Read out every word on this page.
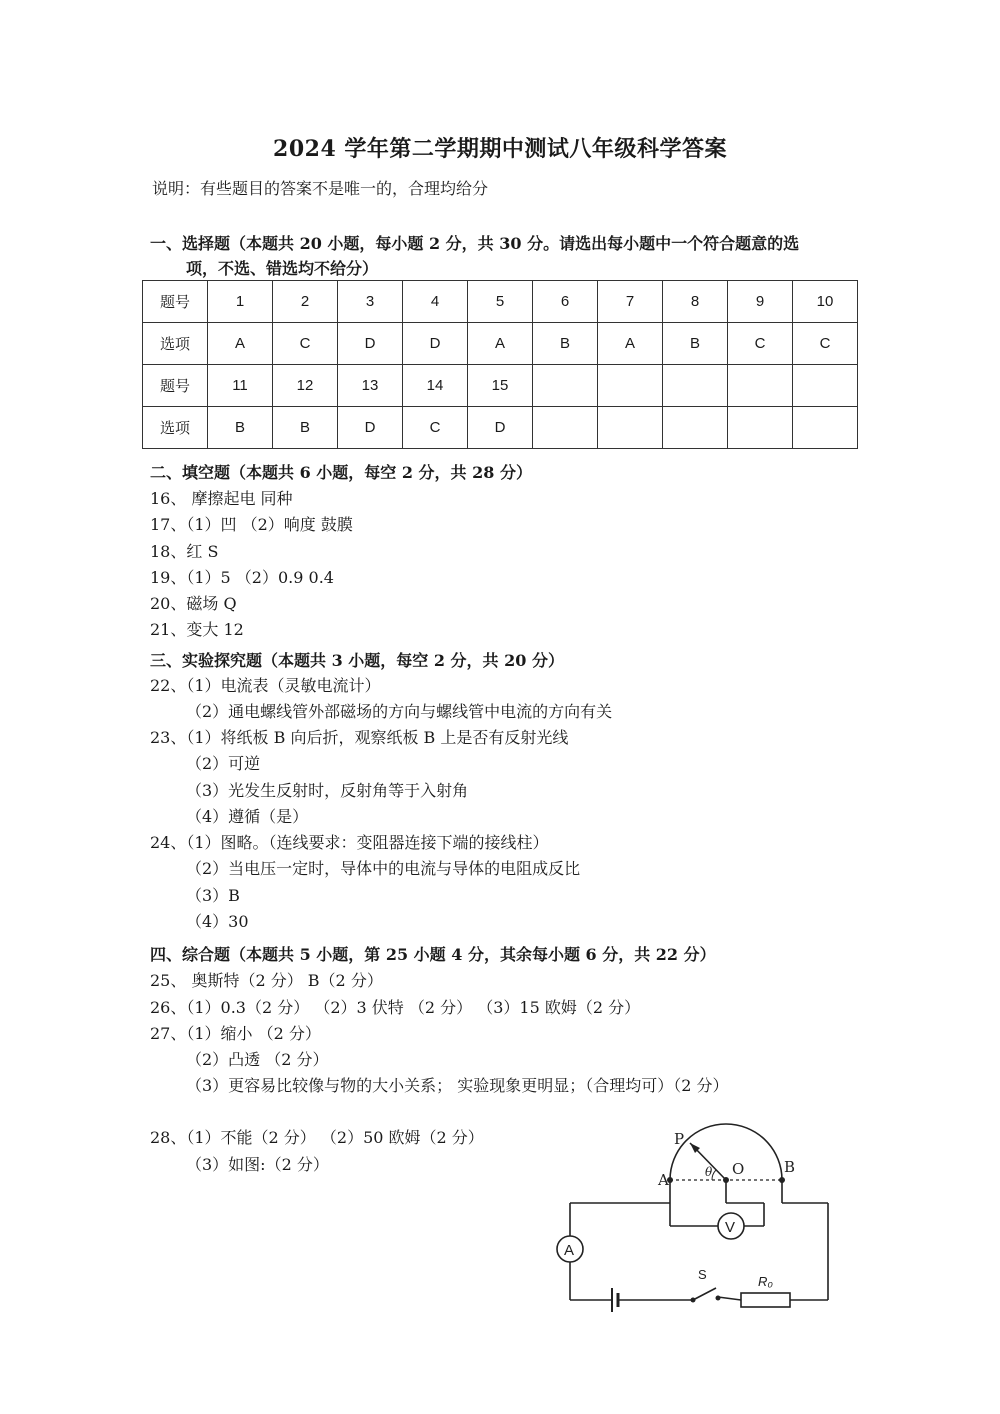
2024 学年第二学期期中测试八年级科学答案
说明：有些题目的答案不是唯一的，合理均给分
一、选择题（本题共 20 小题，每小题 2 分，共 30 分。请选出每小题中一个符合题意的选
项，不选、错选均不给分）
题号	1	2	3	4	5	6	7	8	9	10
选项	A	C	D	D	A	B	A	B	C	C
题号	11	12	13	14	15					
选项	B	B	D	C	D					
二、填空题（本题共 6 小题，每空 2 分，共 28 分）
16、 摩擦起电 同种
17、（1）凹 （2）响度 鼓膜
18、红 S
19、（1）5 （2）0.9 0.4
20、磁场 Q
21、变大 12
三、实验探究题（本题共 3 小题，每空 2 分，共 20 分）
22、（1）电流表（灵敏电流计）
（2）通电螺线管外部磁场的方向与螺线管中电流的方向有关
23、（1）将纸板 B 向后折，观察纸板 B 上是否有反射光线
（2）可逆
（3）光发生反射时，反射角等于入射角
（4）遵循（是）
24、（1）图略。（连线要求：变阻器连接下端的接线柱）
（2）当电压一定时，导体中的电流与导体的电阻成反比
（3）B
（4）30
四、综合题（本题共 5 小题，第 25 小题 4 分，其余每小题 6 分，共 22 分）
25、 奥斯特（2 分） B（2 分）
26、（1）0.3（2 分） （2）3 伏特 （2 分） （3）15 欧姆（2 分）
27、（1）缩小 （2 分）
（2）凸透 （2 分）
（3）更容易比较像与物的大小关系； 实验现象更明显；（合理均可）（2 分）
28、（1）不能（2 分） （2）50 欧姆（2 分）
（3）如图:（2 分）
V
A
P
A
O	B
θ
S	R₀
